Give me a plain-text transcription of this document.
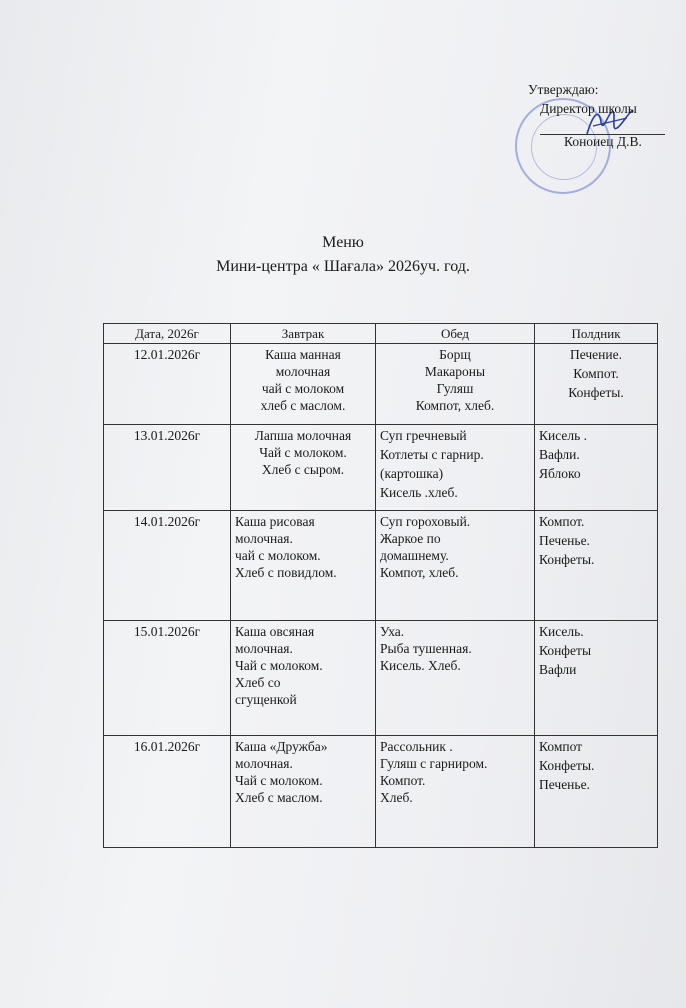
Утверждаю:
Директор школы
Коноиец Д.В.
Меню
Мини-центра « Шағала» 2026уч. год.
Дата, 2026г	Завтрак	Обед	Полдник
12.01.2026г	Каша манная
молочная
чай с молоком
хлеб с маслом.	Борщ
Макароны
Гуляш
Компот, хлеб.	Печение.
Компот.
Конфеты.

13.01.2026г	Лапша молочная
Чай с молоком.
Хлеб с сыром.	Суп гречневый
Котлеты с гарнир.
(картошка)
Кисель .хлеб.	Кисель .
Вафли.
Яблоко

14.01.2026г	Каша рисовая
молочная.
чай с молоком.
Хлеб с повидлом.	Суп гороховый.
Жаркое по
домашнему.
Компот, хлеб.	Компот.
Печенье.
Конфеты.

15.01.2026г	Каша овсяная
молочная.
Чай с молоком.
Хлеб со
сгущенкой	Уха.
Рыба тушенная.
Кисель. Хлеб.	Кисель.
Конфеты
Вафли

16.01.2026г	Каша «Дружба»
молочная.
Чай с молоком.
Хлеб с маслом.	Рассольник .
Гуляш с гарниром.
Компот.
Хлеб.	Компот
Конфеты.
Печенье.
